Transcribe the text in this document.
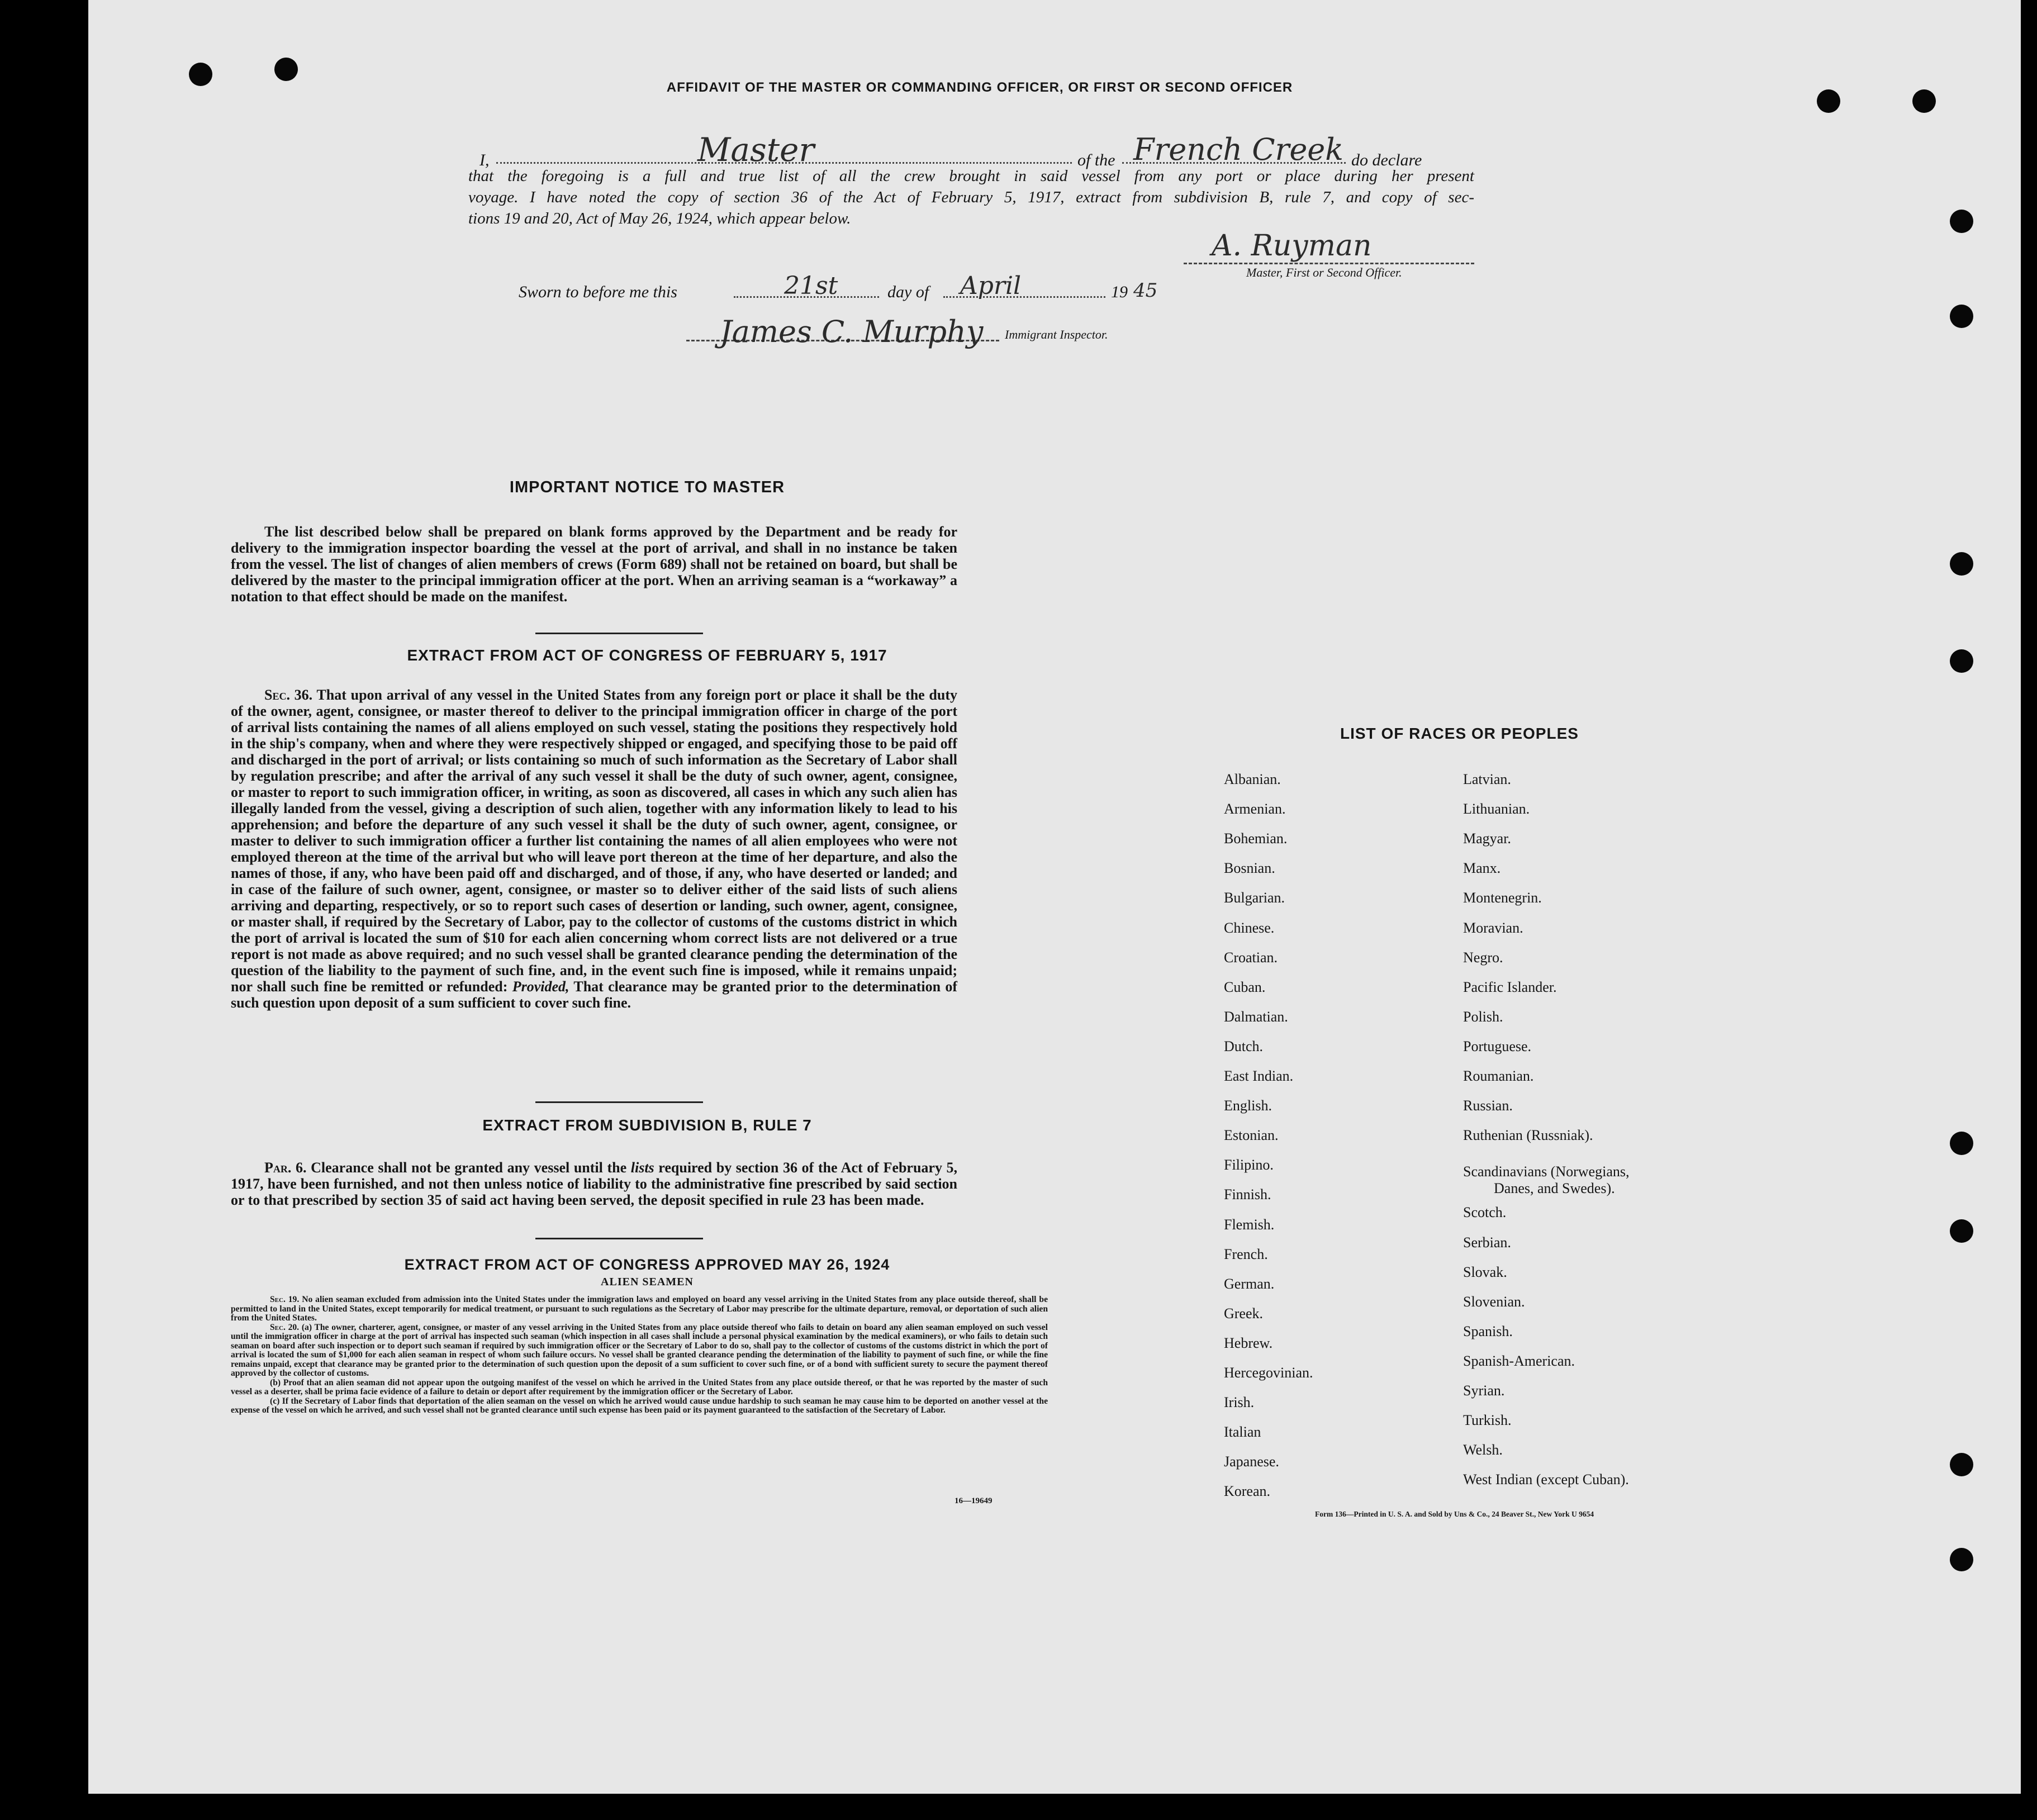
AFFIDAVIT OF THE MASTER OR COMMANDING OFFICER, OR FIRST OR SECOND OFFICER
I,	Master	of the French Creek do declare
that the foregoing is a full and true list of all the crew brought in said vessel from any port or place during her present
voyage. I have noted the copy of section 36 of the Act of February 5, 1917, extract from subdivision B, rule 7, and copy of sec-
tions 19 and 20, Act of May 26, 1924, which appear below.
A. Ruyman
Master, First or Second Officer.
Sworn to before me this	21st	day of April	19 45
James C. Murphy Immigrant Inspector.
IMPORTANT NOTICE TO MASTER
The list described below shall be prepared on blank forms approved by the Department and be ready for delivery to the immigration inspector boarding the vessel at the port of arrival, and shall in no instance be taken from the vessel. The list of changes of alien members of crews (Form 689) shall not be retained on board, but shall be delivered by the master to the principal immigration officer at the port. When an arriving seaman is a “workaway” a notation to that effect should be made on the manifest.
EXTRACT FROM ACT OF CONGRESS OF FEBRUARY 5, 1917
Sec. 36. That upon arrival of any vessel in the United States from any foreign port or place it shall be the duty of the owner, agent, consignee, or master thereof to deliver to the principal immigration officer in charge of the port of arrival lists containing the names of all aliens employed on such vessel, stating the positions they respectively hold in the ship's company, when and where they were respectively shipped or engaged, and specifying those to be paid off and discharged in the port of arrival; or lists containing so much of such information as the Secretary of Labor shall by regulation prescribe; and after the arrival of any such vessel it shall be the duty of such owner, agent, consignee, or master to report to such immigration officer, in writing, as soon as discovered, all cases in which any such alien has illegally landed from the vessel, giving a description of such alien, together with any information likely to lead to his apprehension; and before the departure of any such vessel it shall be the duty of such owner, agent, consignee, or master to deliver to such immigration officer a further list containing the names of all alien employees who were not employed thereon at the time of the arrival but who will leave port thereon at the time of her departure, and also the names of those, if any, who have been paid off and discharged, and of those, if any, who have deserted or landed; and in case of the failure of such owner, agent, consignee, or master so to deliver either of the said lists of such aliens arriving and departing, respectively, or so to report such cases of desertion or landing, such owner, agent, consignee, or master shall, if required by the Secretary of Labor, pay to the collector of customs of the customs district in which the port of arrival is located the sum of $10 for each alien concerning whom correct lists are not delivered or a true report is not made as above required; and no such vessel shall be granted clearance pending the determination of the question of the liability to the payment of such fine, and, in the event such fine is imposed, while it remains unpaid; nor shall such fine be remitted or refunded: Provided, That clearance may be granted prior to the determination of such question upon deposit of a sum sufficient to cover such fine.
EXTRACT FROM SUBDIVISION B, RULE 7
Par. 6. Clearance shall not be granted any vessel until the lists required by section 36 of the Act of February 5, 1917, have been furnished, and not then unless notice of liability to the administrative fine prescribed by said section or to that prescribed by section 35 of said act having been served, the deposit specified in rule 23 has been made.
EXTRACT FROM ACT OF CONGRESS APPROVED MAY 26, 1924
ALIEN SEAMEN

Sec. 19. No alien seaman excluded from admission into the United States under the immigration laws and employed on board any vessel arriving in the United States from any place outside thereof, shall be permitted to land in the United States, except temporarily for medical treatment, or pursuant to such regulations as the Secretary of Labor may prescribe for the ultimate departure, removal, or deportation of such alien from the United States.

Sec. 20. (a) The owner, charterer, agent, consignee, or master of any vessel arriving in the United States from any place outside thereof who fails to detain on board any alien seaman employed on such vessel until the immigration officer in charge at the port of arrival has inspected such seaman (which inspection in all cases shall include a personal physical examination by the medical examiners), or who fails to detain such seaman on board after such inspection or to deport such seaman if required by such immigration officer or the Secretary of Labor to do so, shall pay to the collector of customs of the customs district in which the port of arrival is located the sum of $1,000 for each alien seaman in respect of whom such failure occurs. No vessel shall be granted clearance pending the determination of the liability to payment of such fine, or while the fine remains unpaid, except that clearance may be granted prior to the determination of such question upon the deposit of a sum sufficient to cover such fine, or of a bond with sufficient surety to secure the payment thereof approved by the collector of customs.

(b) Proof that an alien seaman did not appear upon the outgoing manifest of the vessel on which he arrived in the United States from any place outside thereof, or that he was reported by the master of such vessel as a deserter, shall be prima facie evidence of a failure to detain or deport after requirement by the immigration officer or the Secretary of Labor.

(c) If the Secretary of Labor finds that deportation of the alien seaman on the vessel on which he arrived would cause undue hardship to such seaman he may cause him to be deported on another vessel at the expense of the vessel on which he arrived, and such vessel shall not be granted clearance until such expense has been paid or its payment guaranteed to the satisfaction of the Secretary of Labor.

16—19649
LIST OF RACES OR PEOPLES
Form 136—Printed in U. S. A. and Sold by Uns & Co., 24 Beaver St., New York U 9654
Albanian.
Armenian.
Bohemian.
Bosnian.
Bulgarian.
Chinese.
Croatian.
Cuban.
Dalmatian.
Dutch.
East Indian.
English.
Estonian.
Filipino.
Finnish.
Flemish.
French.
German.
Greek.
Hebrew.
Hercegovinian.
Irish.
Italian
Japanese.
Korean.
Latvian.
Lithuanian.
Magyar.
Manx.
Montenegrin.
Moravian.
Negro.
Pacific Islander.
Polish.
Portuguese.
Roumanian.
Russian.
Ruthenian (Russniak).
Scandinavians (Norwegians,
Danes, and Swedes).
Scotch.
Serbian.
Slovak.
Slovenian.
Spanish.
Spanish-American.
Syrian.
Turkish.
Welsh.
West Indian (except Cuban).
